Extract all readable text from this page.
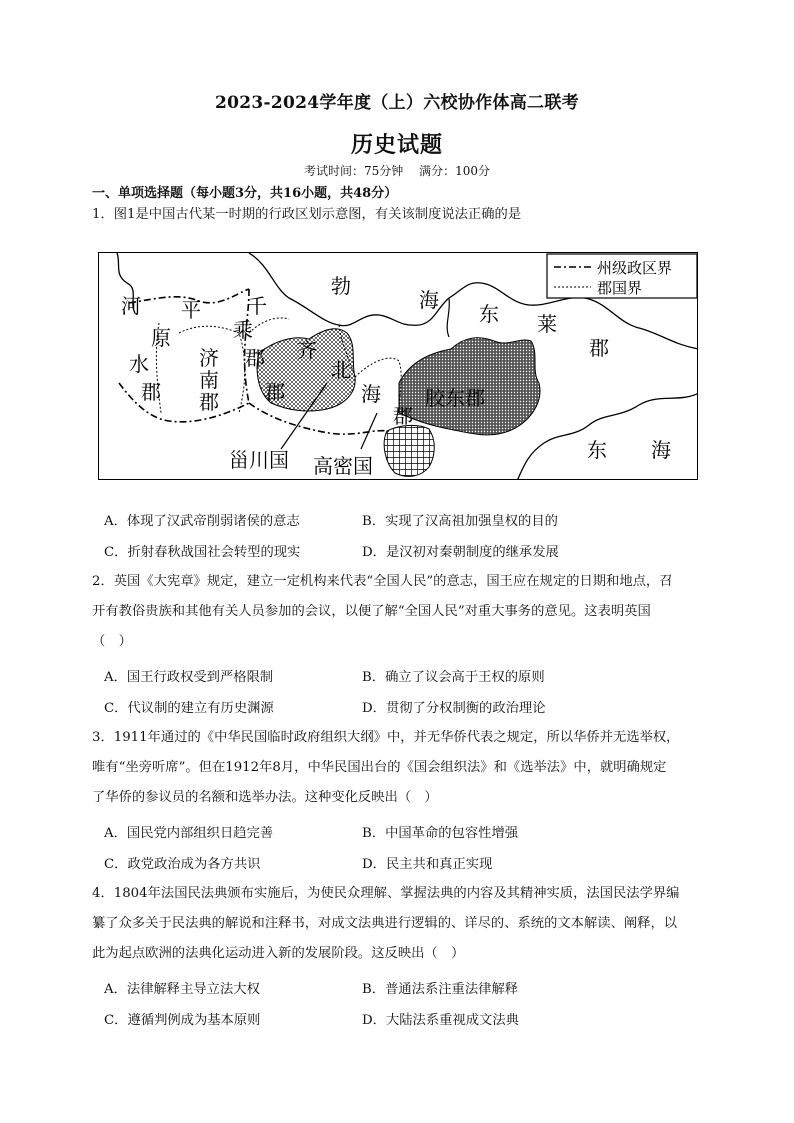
2023-2024学年度（上）六校协作体高二联考
历史试题
考试时间：75分钟 满分：100分
一、单项选择题（每小题3分，共16小题，共48分）
1．图1是中国古代某一时期的行政区划示意图，有关该制度说法正确的是
州级政区界
郡国界
河
水
郡
平
原
济
南
郡
千
乘
郡 齐
郡
勃
海
东 莱
郡
北
海
郡
胶东郡
甾川国 高密国
东 海
A．体现了汉武帝削弱诸侯的意志	B．实现了汉高祖加强皇权的目的
C．折射春秋战国社会转型的现实	D．是汉初对秦朝制度的继承发展
2．英国《大宪章》规定，建立一定机构来代表“全国人民”的意志，国王应在规定的日期和地点，召
开有教俗贵族和其他有关人员参加的会议，以便了解“全国人民”对重大事务的意见。这表明英国
（　）
A．国王行政权受到严格限制	B．确立了议会高于王权的原则
C．代议制的建立有历史渊源	D．贯彻了分权制衡的政治理论
3．1911年通过的《中华民国临时政府组织大纲》中，并无华侨代表之规定，所以华侨并无选举权，
唯有“坐旁听席”。但在1912年8月，中华民国出台的《国会组织法》和《选举法》中，就明确规定
了华侨的参议员的名额和选举办法。这种变化反映出（　）
A．国民党内部组织日趋完善	B．中国革命的包容性增强
C．政党政治成为各方共识	D．民主共和真正实现
4．1804年法国民法典颁布实施后，为使民众理解、掌握法典的内容及其精神实质，法国民法学界编
纂了众多关于民法典的解说和注释书，对成文法典进行逻辑的、详尽的、系统的文本解读、阐释，以
此为起点欧洲的法典化运动进入新的发展阶段。这反映出（　）
A．法律解释主导立法大权	B．普通法系注重法律解释
C．遵循判例成为基本原则	D．大陆法系重视成文法典
